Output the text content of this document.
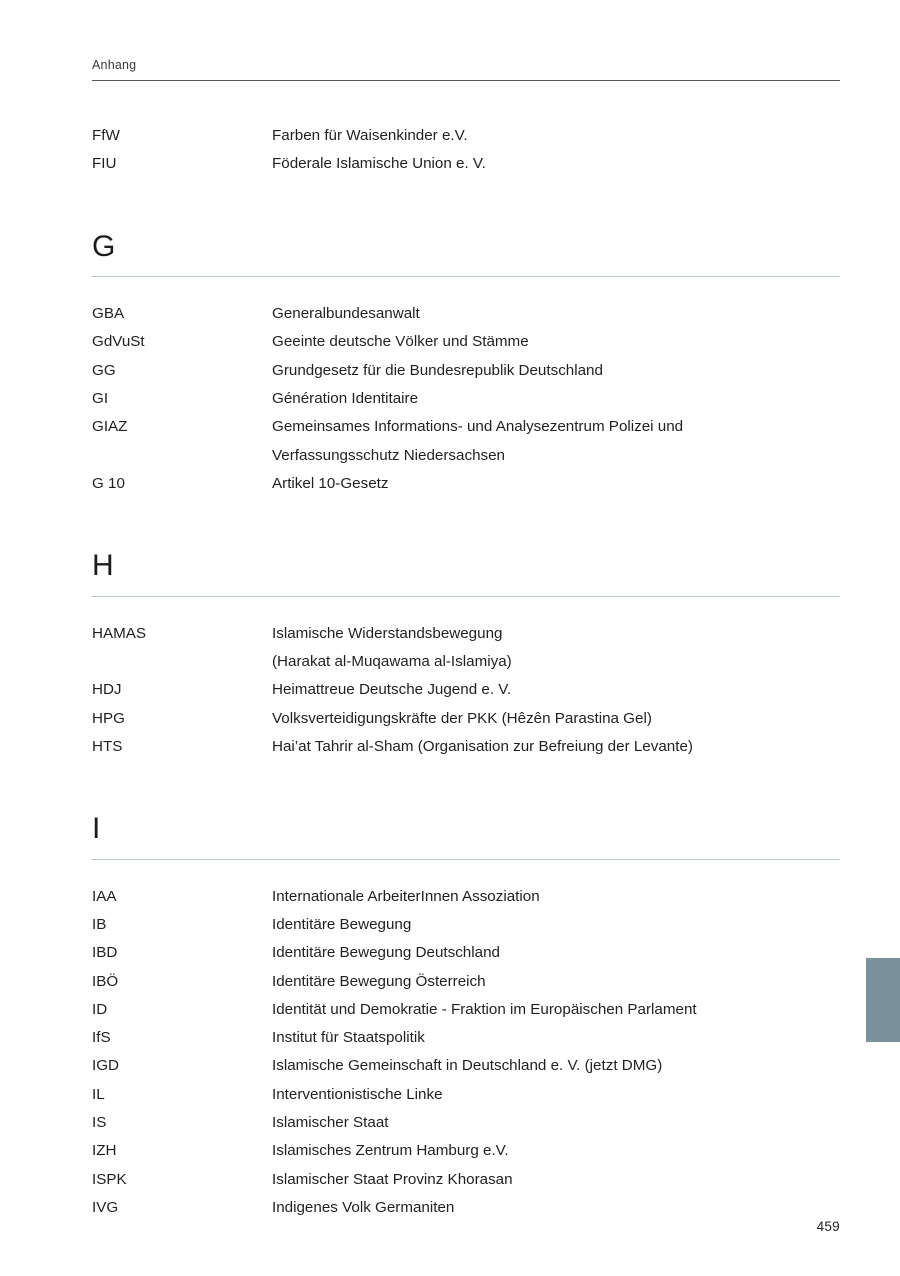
Anhang
FfW	Farben für Waisenkinder e.V.
FIU	Föderale Islamische Union e. V.
G
GBA	Generalbundesanwalt
GdVuSt	Geeinte deutsche Völker und Stämme
GG	Grundgesetz für die Bundesrepublik Deutschland
GI	Génération Identitaire
GIAZ	Gemeinsames Informations- und Analysezentrum Polizei und
Verfassungsschutz Niedersachsen
G 10	Artikel 10-Gesetz
H
HAMAS	Islamische Widerstandsbewegung
(Harakat al-Muqawama al-Islamiya)
HDJ	Heimattreue Deutsche Jugend e. V.
HPG	Volksverteidigungskräfte der PKK (Hêzên Parastina Gel)
HTS	Hai’at Tahrir al-Sham (Organisation zur Befreiung der Levante)
I
IAA	Internationale ArbeiterInnen Assoziation
IB	Identitäre Bewegung
IBD	Identitäre Bewegung Deutschland
IBÖ	Identitäre Bewegung Österreich
ID	Identität und Demokratie - Fraktion im Europäischen Parlament
IfS	Institut für Staatspolitik
IGD	Islamische Gemeinschaft in Deutschland e. V. (jetzt DMG)
IL	Interventionistische Linke
IS	Islamischer Staat
IZH	Islamisches Zentrum Hamburg e.V.
ISPK	Islamischer Staat Provinz Khorasan
IVG	Indigenes Volk Germaniten
459
